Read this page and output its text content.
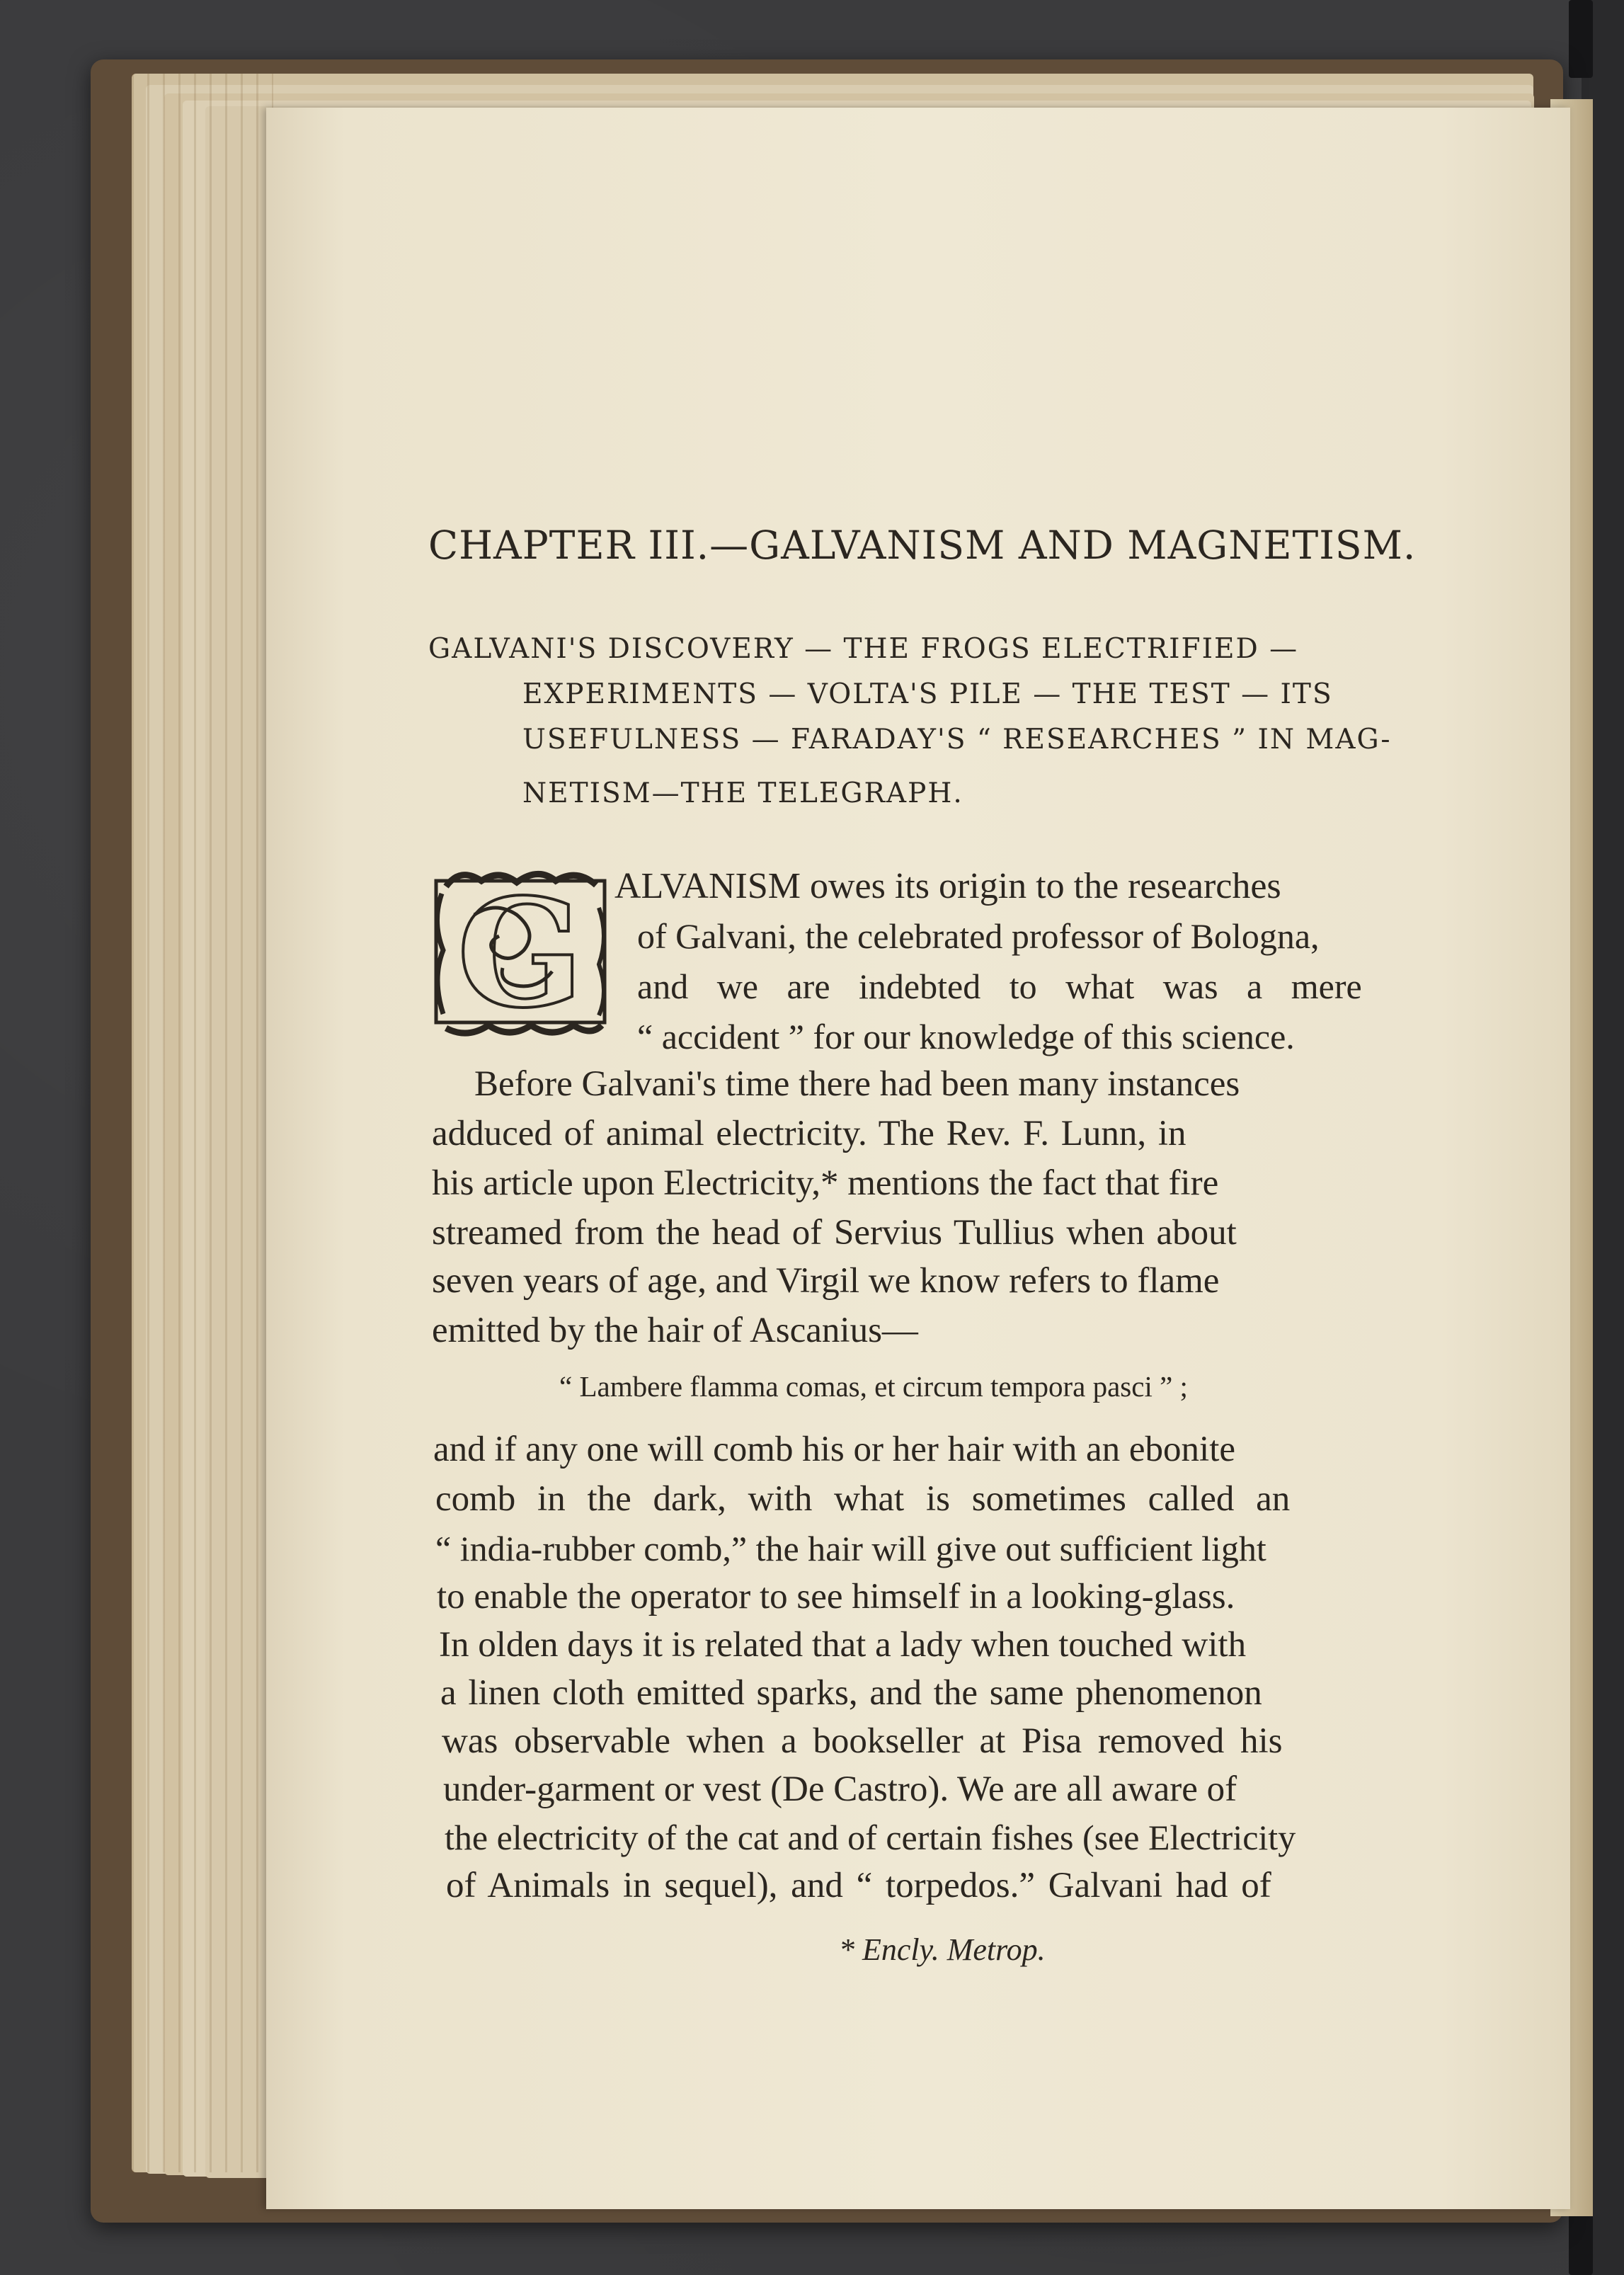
CHAPTER III.—GALVANISM AND MAGNETISM.
GALVANI'S DISCOVERY — THE FROGS ELECTRIFIED —
EXPERIMENTS — VOLTA'S PILE — THE TEST — ITS
USEFULNESS — FARADAY'S “ RESEARCHES ” IN MAG-
NETISM—THE TELEGRAPH.
G ALVANISM owes its origin to the researches
of Galvani, the celebrated professor of Bologna,
and we are indebted to what was a mere
“ accident ” for our knowledge of this science.
Before Galvani's time there had been many instances
adduced of animal electricity. The Rev. F. Lunn, in
his article upon Electricity,* mentions the fact that fire
streamed from the head of Servius Tullius when about
seven years of age, and Virgil we know refers to flame
emitted by the hair of Ascanius—
“ Lambere flamma comas, et circum tempora pasci ” ;
and if any one will comb his or her hair with an ebonite
comb in the dark, with what is sometimes called an
“ india-rubber comb,” the hair will give out sufficient light
to enable the operator to see himself in a looking-glass.
In olden days it is related that a lady when touched with
a linen cloth emitted sparks, and the same phenomenon
was observable when a bookseller at Pisa removed his
under-garment or vest (De Castro). We are all aware of
the electricity of the cat and of certain fishes (see Electricity
of Animals in sequel), and “ torpedos.” Galvani had of
* Encly. Metrop.
